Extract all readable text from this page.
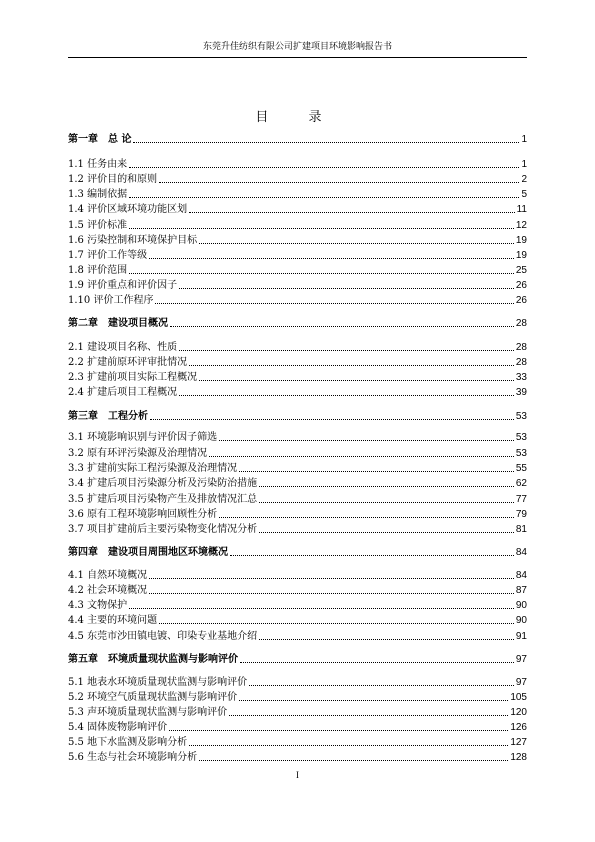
东莞升佳纺织有限公司扩建项目环境影响报告书
目 录
第一章　总 论	1
1.1 任务由来	1
1.2 评价目的和原则	2
1.3 编制依据	5
1.4 评价区域环境功能区划	11
1.5 评价标准	12
1.6 污染控制和环境保护目标	19
1.7 评价工作等级	19
1.8 评价范围	25
1.9 评价重点和评价因子	26
1.10 评价工作程序	26
第二章　建设项目概况	28
2.1 建设项目名称、性质	28
2.2 扩建前原环评审批情况	28
2.3 扩建前项目实际工程概况	33
2.4 扩建后项目工程概况	39
第三章　工程分析	53
3.1 环境影响识别与评价因子筛选	53
3.2 原有环评污染源及治理情况	53
3.3 扩建前实际工程污染源及治理情况	55
3.4 扩建后项目污染源分析及污染防治措施	62
3.5 扩建后项目污染物产生及排放情况汇总	77
3.6 原有工程环境影响回顾性分析	79
3.7 项目扩建前后主要污染物变化情况分析	81
第四章　建设项目周围地区环境概况	84
4.1 自然环境概况	84
4.2 社会环境概况	87
4.3 文物保护	90
4.4 主要的环境问题	90
4.5 东莞市沙田镇电镀、印染专业基地介绍	91
第五章　环境质量现状监测与影响评价	97
5.1 地表水环境质量现状监测与影响评价	97
5.2 环境空气质量现状监测与影响评价	105
5.3 声环境质量现状监测与影响评价	120
5.4 固体废物影响评价	126
5.5 地下水监测及影响分析	127
5.6 生态与社会环境影响分析	128
I
